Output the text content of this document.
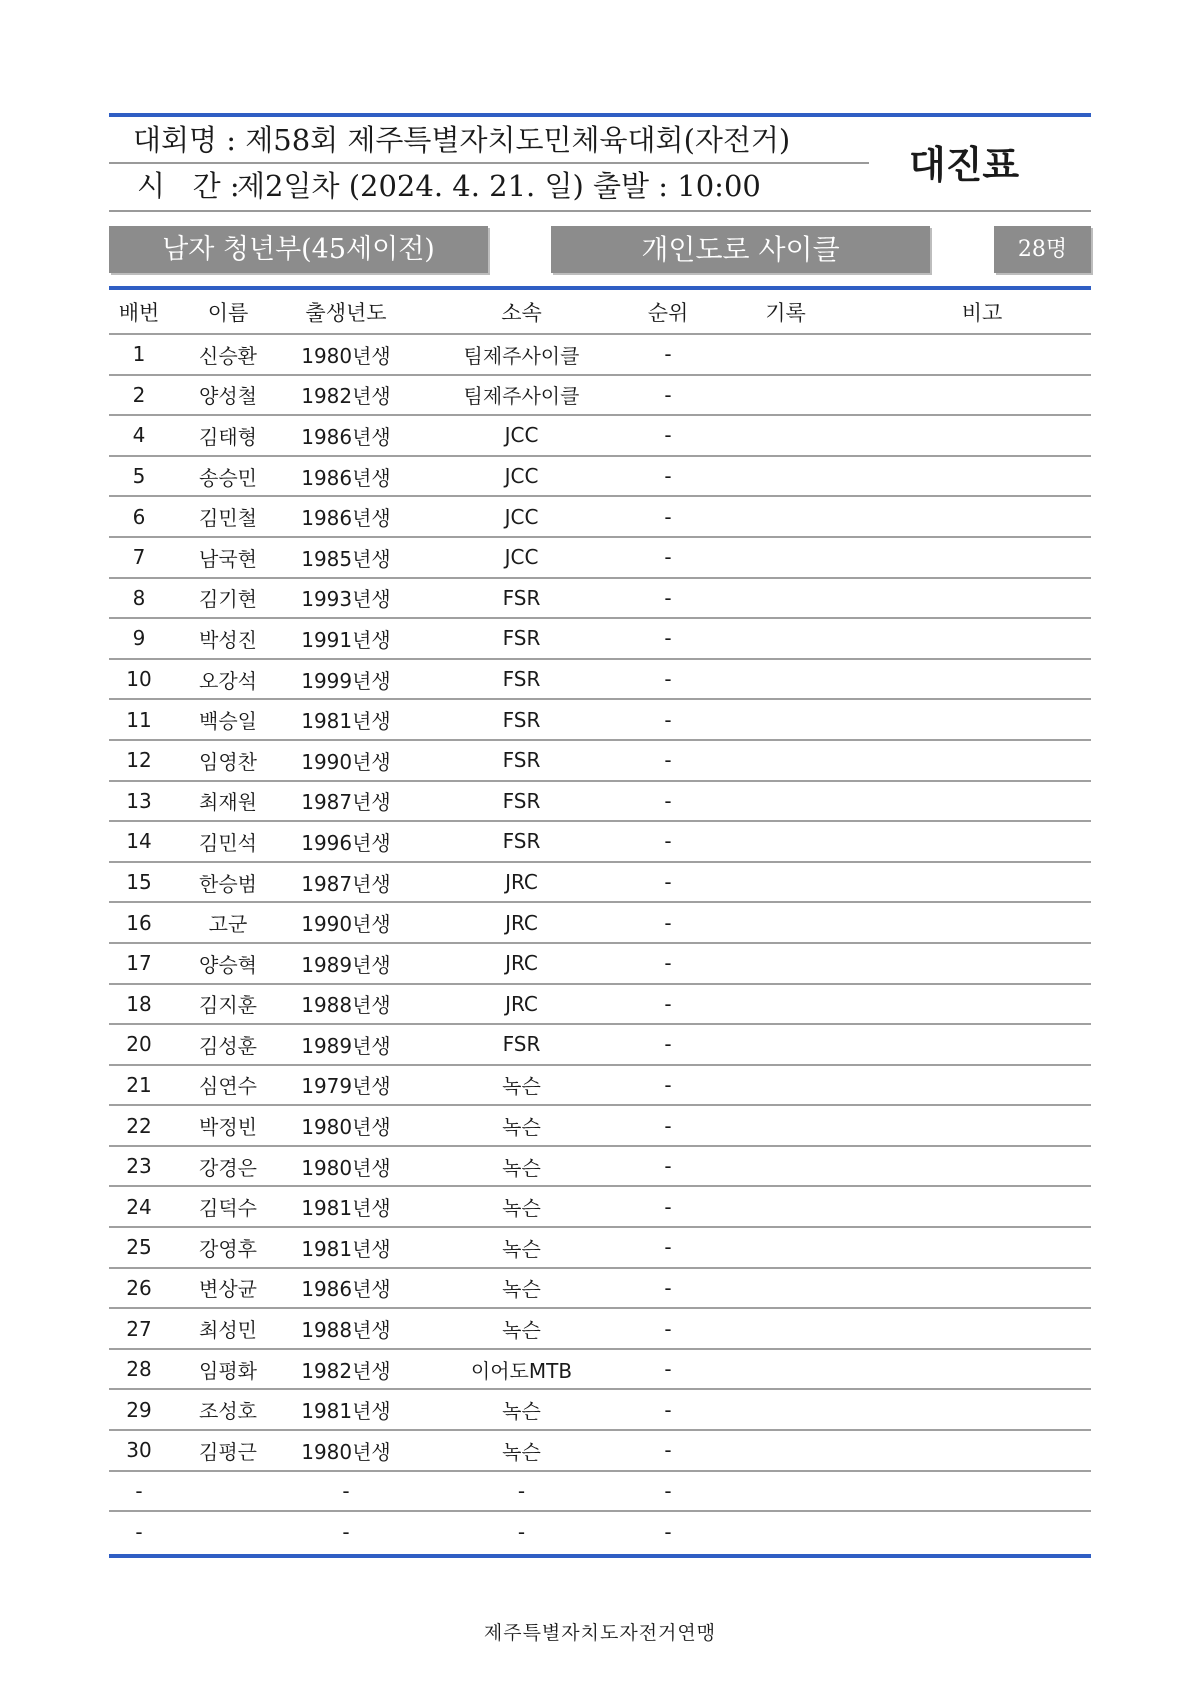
대회명 : 제58회 제주특별자치도민체육대회(자전거)
시   간 :제2일차 (2024. 4. 21. 일) 출발 : 10:00	대진표
남자 청년부(45세이전)	개인도로 사이클	28명
배번	이름	출생년도	소속	순위	기록	비고
1	신승환	1980년생	팀제주사이클	-		
2	양성철	1982년생	팀제주사이클	-		
4	김태형	1986년생	JCC	-		
5	송승민	1986년생	JCC	-		
6	김민철	1986년생	JCC	-		
7	남국현	1985년생	JCC	-		
8	김기현	1993년생	FSR	-		
9	박성진	1991년생	FSR	-		
10	오강석	1999년생	FSR	-		
11	백승일	1981년생	FSR	-		
12	임영찬	1990년생	FSR	-		
13	최재원	1987년생	FSR	-		
14	김민석	1996년생	FSR	-		
15	한승범	1987년생	JRC	-		
16	고군	1990년생	JRC	-		
17	양승혁	1989년생	JRC	-		
18	김지훈	1988년생	JRC	-		
20	김성훈	1989년생	FSR	-		
21	심연수	1979년생	녹슨	-		
22	박정빈	1980년생	녹슨	-		
23	강경은	1980년생	녹슨	-		
24	김덕수	1981년생	녹슨	-		
25	강영후	1981년생	녹슨	-		
26	변상균	1986년생	녹슨	-		
27	최성민	1988년생	녹슨	-		
28	임평화	1982년생	이어도MTB	-		
29	조성호	1981년생	녹슨	-		
30	김평근	1980년생	녹슨	-		
-		-	-	-		
-		-	-	-		
제주특별자치도자전거연맹
